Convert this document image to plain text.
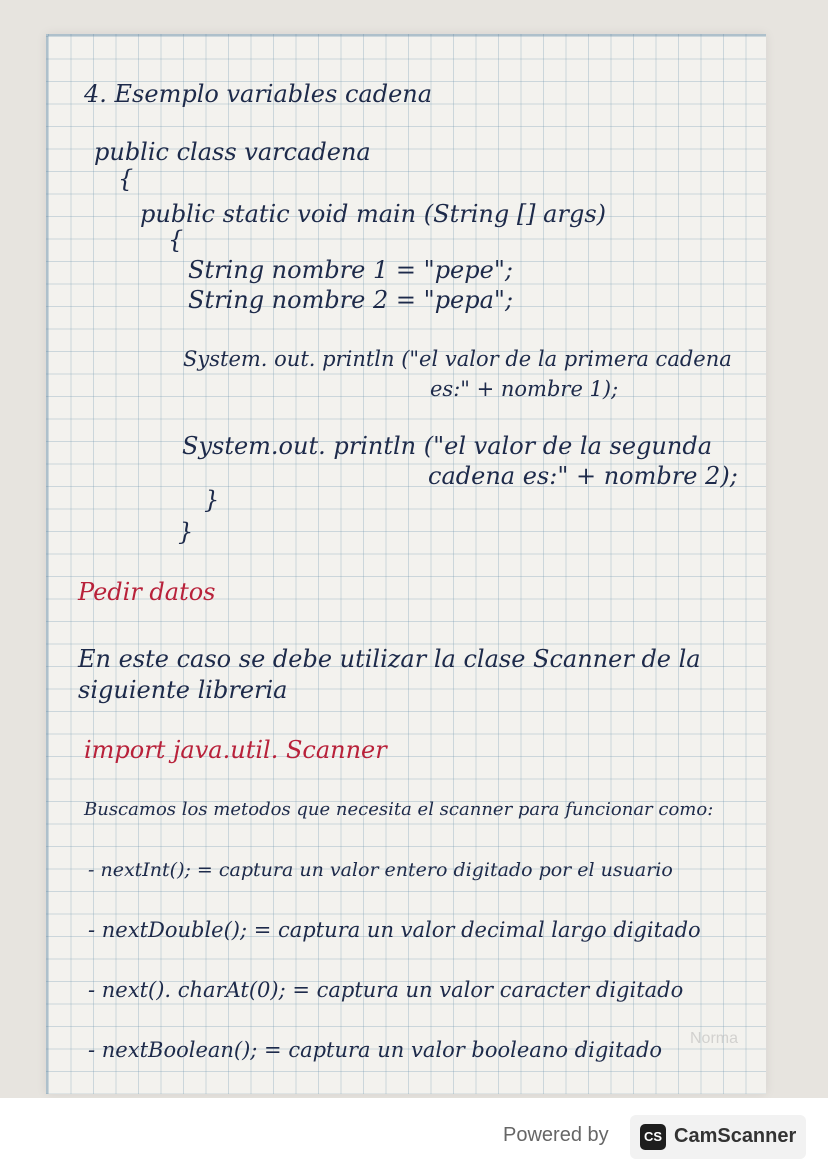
4. Esemplo variables cadena
public class varcadena
{
public static void main (String [] args)
{
String nombre 1 = "pepe";
String nombre 2 = "pepa";
System. out. println ("el valor de la primera cadena
es:" + nombre 1);
System.out. println ("el valor de la segunda
cadena es:" + nombre 2);
}
}
Pedir datos
En este caso se debe utilizar la clase Scanner de la
siguiente libreria
import java.util. Scanner
Buscamos los metodos que necesita el scanner para funcionar como:
- nextInt(); = captura un valor entero digitado por el usuario
- nextDouble(); = captura un valor decimal largo digitado
- next(). charAt(0); = captura un valor caracter digitado
- nextBoolean(); = captura un valor booleano digitado Norma
Powered by	CS CamScanner
